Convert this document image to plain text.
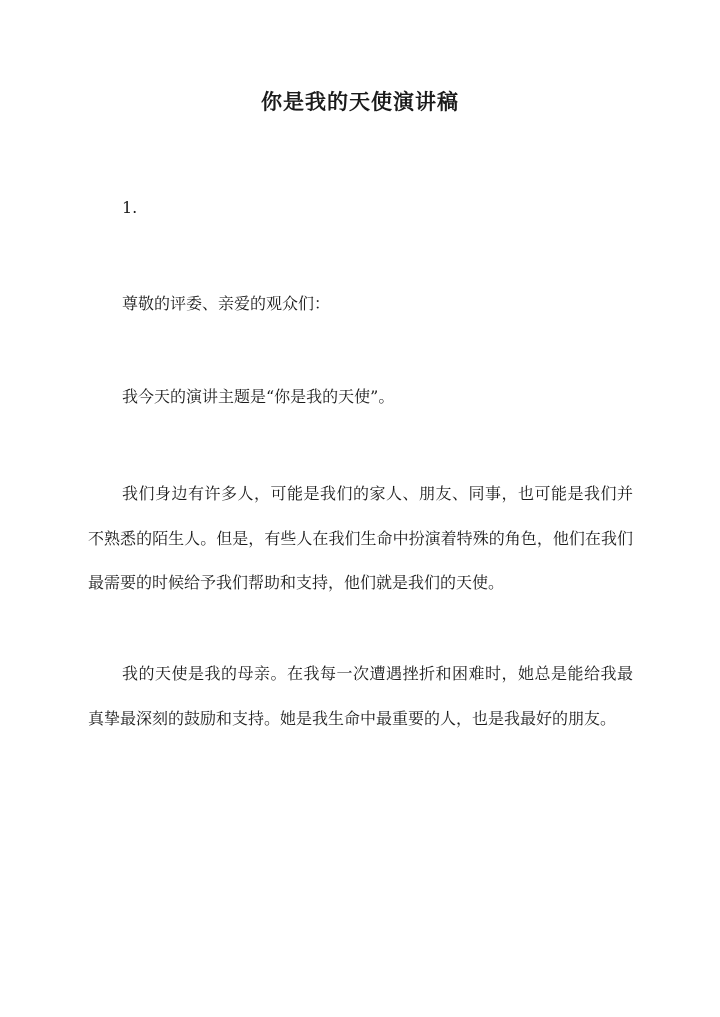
你是我的天使演讲稿

1.

尊敬的评委、亲爱的观众们：

我今天的演讲主题是“你是我的天使”。

我们身边有许多人，可能是我们的家人、朋友、同事，也可能是我们并不熟悉的陌生人。但是，有些人在我们生命中扮演着特殊的角色，他们在我们最需要的时候给予我们帮助和支持，他们就是我们的天使。

我的天使是我的母亲。在我每一次遭遇挫折和困难时，她总是能给我最真挚最深刻的鼓励和支持。她是我生命中最重要的人，也是我最好的朋友。
